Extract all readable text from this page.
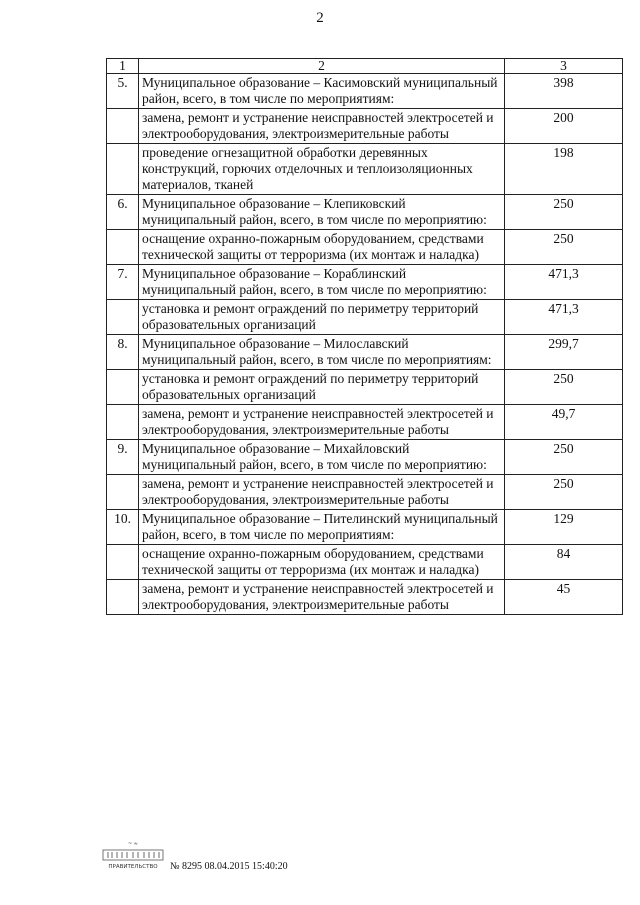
2
1	2	3
5.	Муниципальное образование – Касимовский муниципальный район, всего, в том числе по мероприятиям:	398
	замена, ремонт и устранение неисправностей электросетей и электрооборудования, электроизмерительные работы	200
	проведение огнезащитной обработки деревянных конструкций, горючих отделочных и теплоизоляционных материалов, тканей	198
6.	Муниципальное образование – Клепиковский муниципальный район, всего, в том числе по мероприятию:	250
	оснащение охранно-пожарным оборудованием, средствами технической защиты от терроризма (их монтаж и наладка)	250
7.	Муниципальное образование – Кораблинский муниципальный район, всего, в том числе по мероприятию:	471,3
	установка и ремонт ограждений по периметру территорий образовательных организаций	471,3
8.	Муниципальное образование – Милославский муниципальный район, всего, в том числе по мероприятиям:	299,7
	установка и ремонт ограждений по периметру территорий образовательных организаций	250
	замена, ремонт и устранение неисправностей электросетей и электрооборудования, электроизмерительные работы	49,7
9.	Муниципальное образование – Михайловский муниципальный район, всего, в том числе по мероприятию:	250
	замена, ремонт и устранение неисправностей электросетей и электрооборудования, электроизмерительные работы	250
10.	Муниципальное образование – Пителинский муниципальный район, всего, в том числе по мероприятиям:	129
	оснащение охранно-пожарным оборудованием, средствами технической защиты от терроризма (их монтаж и наладка)	84
	замена, ремонт и устранение неисправностей электросетей и электрооборудования, электроизмерительные работы	45
~ ≈
ПРАВИТЕЛЬСТВО № 8295 08.04.2015 15:40:20
